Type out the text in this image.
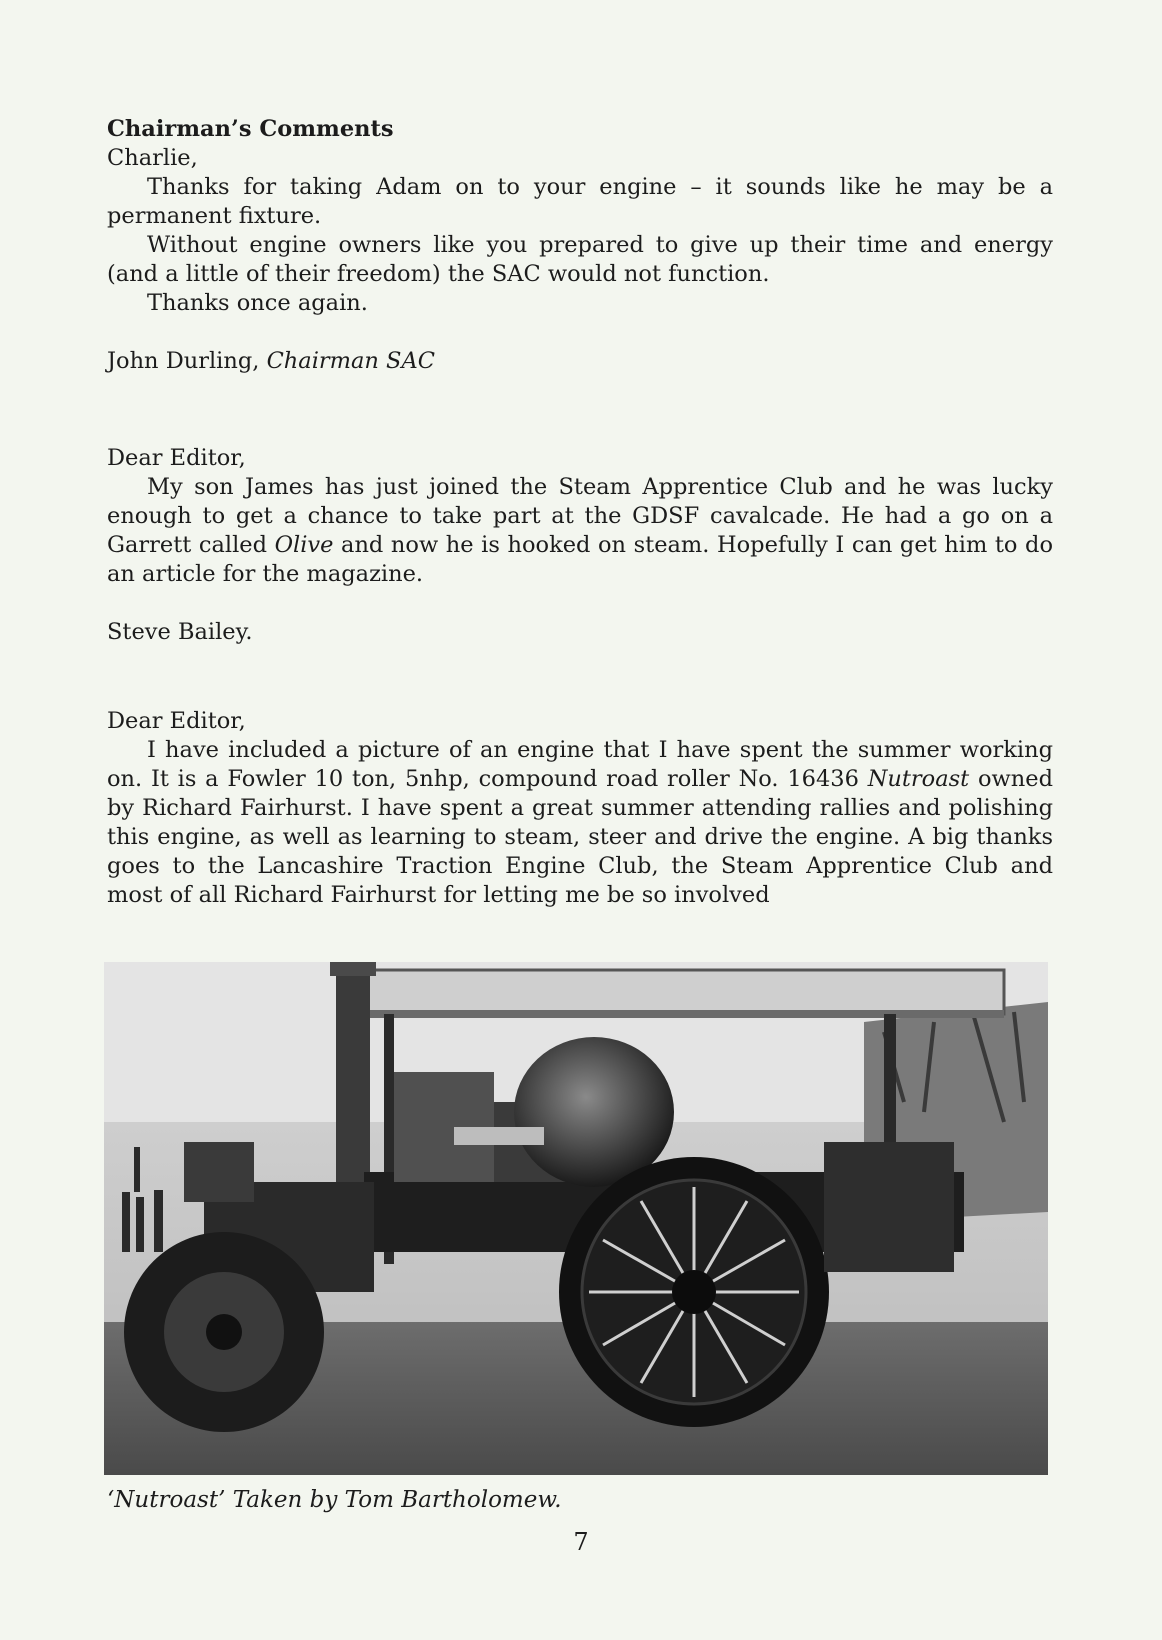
Chairman’s Comments

Charlie,

Thanks for taking Adam on to your engine – it sounds like he may be a permanent fixture.

Without engine owners like you prepared to give up their time and energy (and a little of their freedom) the SAC would not function.

Thanks once again.

John Durling, Chairman SAC

Dear Editor,

My son James has just joined the Steam Apprentice Club and he was lucky enough to get a chance to take part at the GDSF cavalcade. He had a go on a Garrett called Olive and now he is hooked on steam. Hopefully I can get him to do an article for the magazine.

Steve Bailey.

Dear Editor,

I have included a picture of an engine that I have spent the summer working on. It is a Fowler 10 ton, 5nhp, compound road roller No. 16436 Nutroast owned by Richard Fairhurst. I have spent a great summer attending rallies and polishing this engine, as well as learning to steam, steer and drive the engine. A big thanks goes to the Lancashire Traction Engine Club, the Steam Apprentice Club and most of all Richard Fairhurst for letting me be so involved

‘Nutroast’ Taken by Tom Bartholomew.
7
